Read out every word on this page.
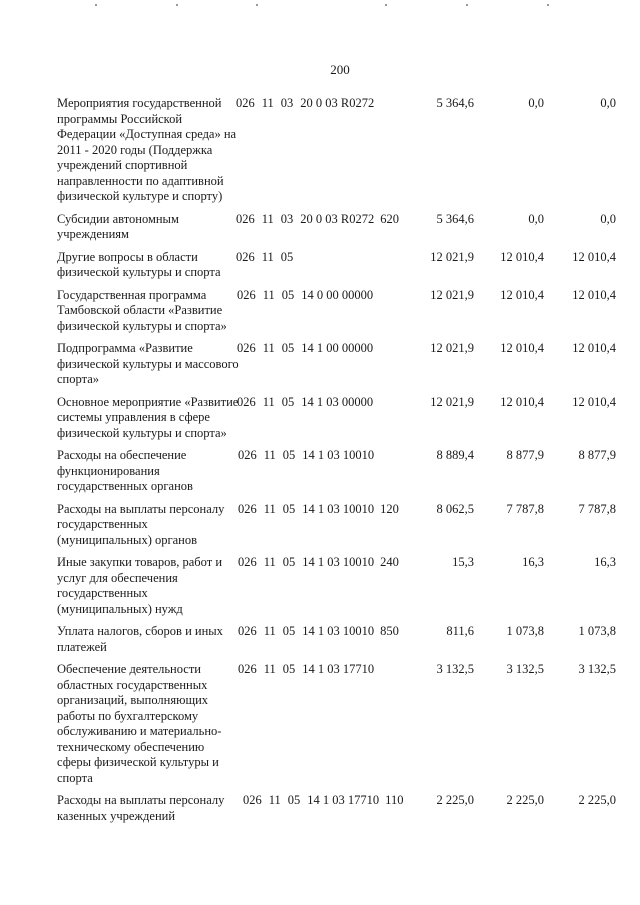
200
Мероприятия государственной программы Российской Федерации «Доступная среда» на 2011 - 2020 годы (Поддержка учреждений спортивной направленности по адаптивной физической культуре и спорту)
026 11 03 20 0 03 R0272	5 364,6	0,0	0,0
Субсидии автономным учреждениям
026 11 03 20 0 03 R0272 620	5 364,6	0,0	0,0
Другие вопросы в области физической культуры и спорта
026 11 05	12 021,9 12 010,4 12 010,4
Государственная программа Тамбовской области «Развитие физической культуры и спорта»
026 11 05 14 0 00 00000	12 021,9 12 010,4 12 010,4
Подпрограмма «Развитие физической культуры и массового спорта»
026 11 05 14 1 00 00000	12 021,9 12 010,4 12 010,4
Основное мероприятие «Развитие системы управления в сфере физической культуры и спорта»
026 11 05 14 1 03 00000	12 021,9 12 010,4 12 010,4
Расходы на обеспечение функционирования государственных органов
026 11 05 14 1 03 10010	8 889,4	8 877,9	8 877,9
Расходы на выплаты персоналу государственных (муниципальных) органов
026 11 05 14 1 03 10010 120	8 062,5	7 787,8	7 787,8
Иные закупки товаров, работ и услуг для обеспечения государственных (муниципальных) нужд
026 11 05 14 1 03 10010 240	15,3	16,3	16,3
Уплата налогов, сборов и иных платежей
026 11 05 14 1 03 10010 850	811,6	1 073,8	1 073,8
Обеспечение деятельности областных государственных организаций, выполняющих работы по бухгалтерскому обслуживанию и материально-техническому обеспечению сферы физической культуры и спорта
026 11 05 14 1 03 17710	3 132,5	3 132,5	3 132,5
Расходы на выплаты персоналу казенных учреждений
026 11 05 14 1 03 17710 110	2 225,0	2 225,0	2 225,0
